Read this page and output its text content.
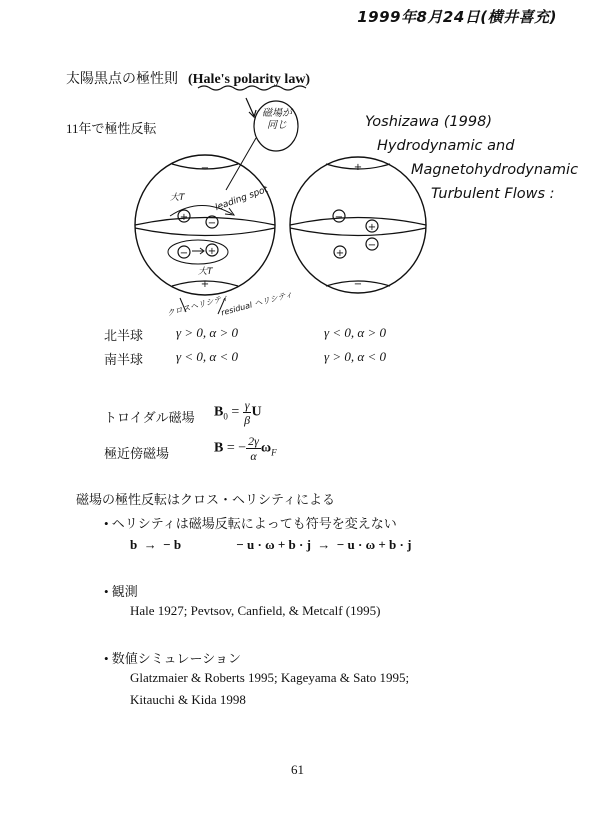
1999年8月24日(横井喜充)
太陽黒点の極性則 (Hale's polarity law)
11年で極性反転	Yoshizawa (1998)
Hydrodynamic and
Magnetohydrodynamic
Turbulent Flows :
−
+
+
−
− +
+
−
−
+
−
+
磁場が同じ
leading spot
大T
大T
クロスヘリシティ
residual ヘリシティ
北半球	γ > 0, α > 0	γ < 0, α > 0
南半球	γ < 0, α < 0	γ > 0, α < 0
トロイダル磁場 $B_0 = \frac{\gamma}{\beta}$ U
極近傍磁場	B = − $\frac{2\gamma}{\alpha} \omega_F$
磁場の極性反転はクロス・ヘリシティによる
• ヘリシティは磁場反転によっても符号を変えない
b  →  − b                 − u · ω + b · j  →  − u · ω + b · j
• 観測
Hale 1927; Pevtsov, Canfield, & Metcalf (1995)
• 数値シミュレーション
Glatzmaier & Roberts 1995; Kageyama & Sato 1995;
Kitauchi & Kida 1998
61
